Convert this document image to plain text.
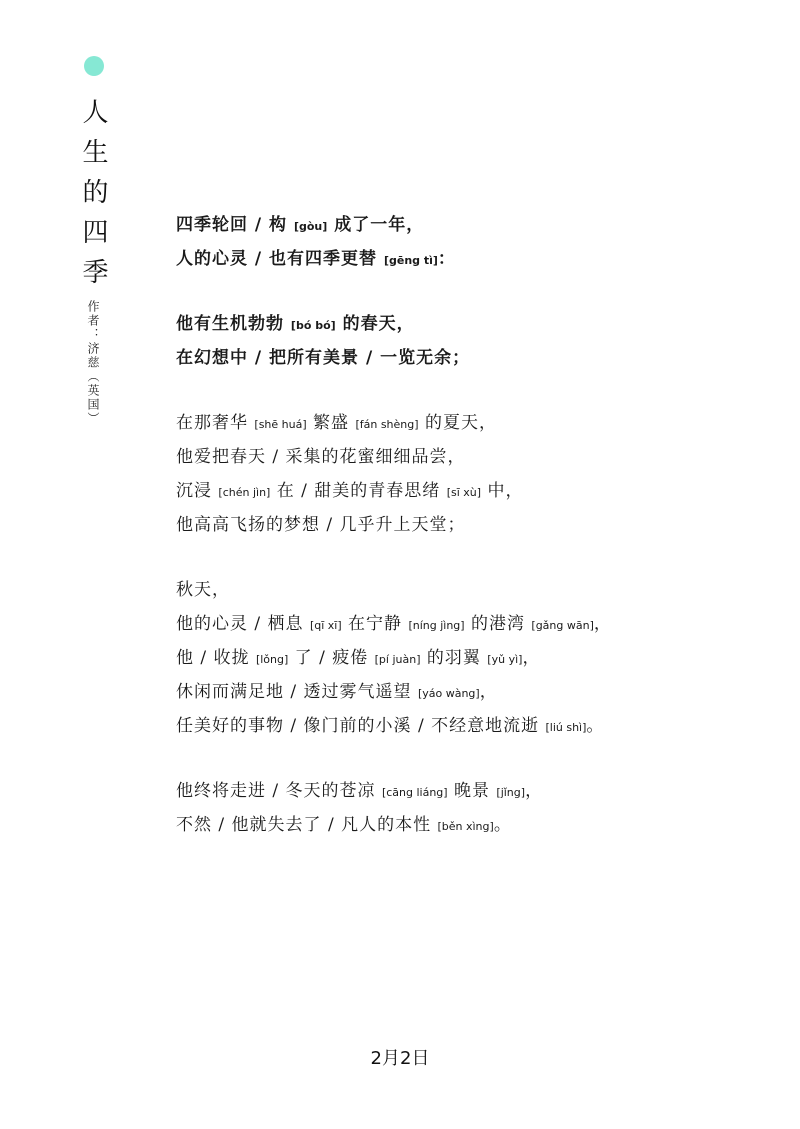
人生的四季
作者：济慈（英国）
四季轮回 / 构 [gòu] 成了一年，
人的心灵 / 也有四季更替 [gēng tì]：
他有生机勃勃 [bó bó] 的春天，
在幻想中 / 把所有美景 / 一览无余；
在那奢华 [shē huá] 繁盛 [fán shèng] 的夏天，
他爱把春天 / 采集的花蜜细细品尝，
沉浸 [chén jìn] 在 / 甜美的青春思绪 [sī xù] 中，
他高高飞扬的梦想 / 几乎升上天堂；
秋天，
他的心灵 / 栖息 [qī xī] 在宁静 [níng jìng] 的港湾 [gǎng wān]，
他 / 收拢 [lǒng] 了 / 疲倦 [pí juàn] 的羽翼 [yǔ yì]，
休闲而满足地 / 透过雾气遥望 [yáo wàng]，
任美好的事物 / 像门前的小溪 / 不经意地流逝 [liú shì]。
他终将走进 / 冬天的苍凉 [cāng liáng] 晚景 [jǐng]，
不然 / 他就失去了 / 凡人的本性 [běn xìng]。
2月2日
